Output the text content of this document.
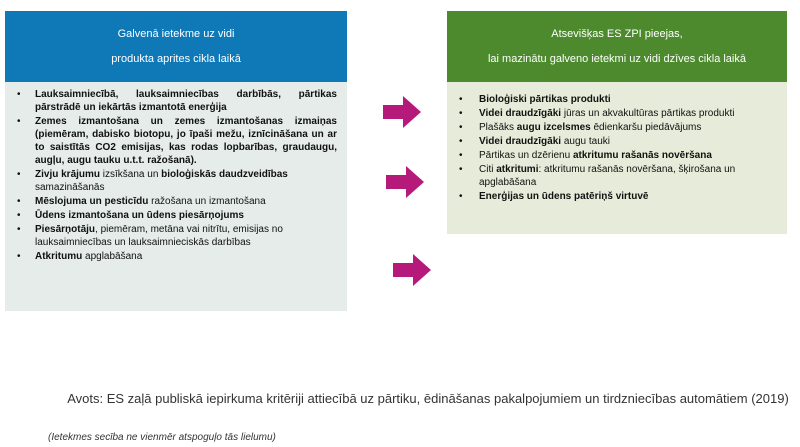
Galvenā ietekme uz vidi
produkta aprites cikla laikā
• Lauksaimniecībā, lauksaimniecības darbībās, pārtikas pārstrādē un iekārtās izmantotā enerģija
• Zemes izmantošana un zemes izmantošanas izmaiņas (piemēram, dabisko biotopu, jo īpaši mežu, iznīcināšana un ar to saistītās CO2 emisijas, kas rodas lopbarības, graudaugu, augļu, augu tauku u.t.t. ražošanā).
• Zivju krājumu izsīkšana un bioloģiskās daudzveidības samazināšanās
• Mēslojuma un pesticīdu ražošana un izmantošana
• Ūdens izmantošana un ūdens piesārņojums
• Piesārņotāju, piemēram, metāna vai nitrītu, emisijas no lauksaimniecības un lauksaimnieciskās darbības
• Atkritumu apglabāšana
Atsevišķas ES ZPI pieejas,
lai mazinātu galveno ietekmi uz vidi dzīves cikla laikā
• Bioloģiski pārtikas produkti
• Videi draudzīgāki jūras un akvakultūras pārtikas produkti
• Plašāks augu izcelsmes ēdienkaršu piedāvājums
• Videi draudzīgāki augu tauki
• Pārtikas un dzērienu atkritumu rašanās novēršana
• Citi atkritumi: atkritumu rašanās novēršana, šķirošana un apglabāšana
• Enerģijas un ūdens patēriņš virtuvē
Avots: ES zaļā publiskā iepirkuma kritēriji attiecībā uz pārtiku, ēdināšanas pakalpojumiem un tirdzniecības automātiem (2019)
(Ietekmes secība ne vienmēr atspoguļo tās lielumu)
